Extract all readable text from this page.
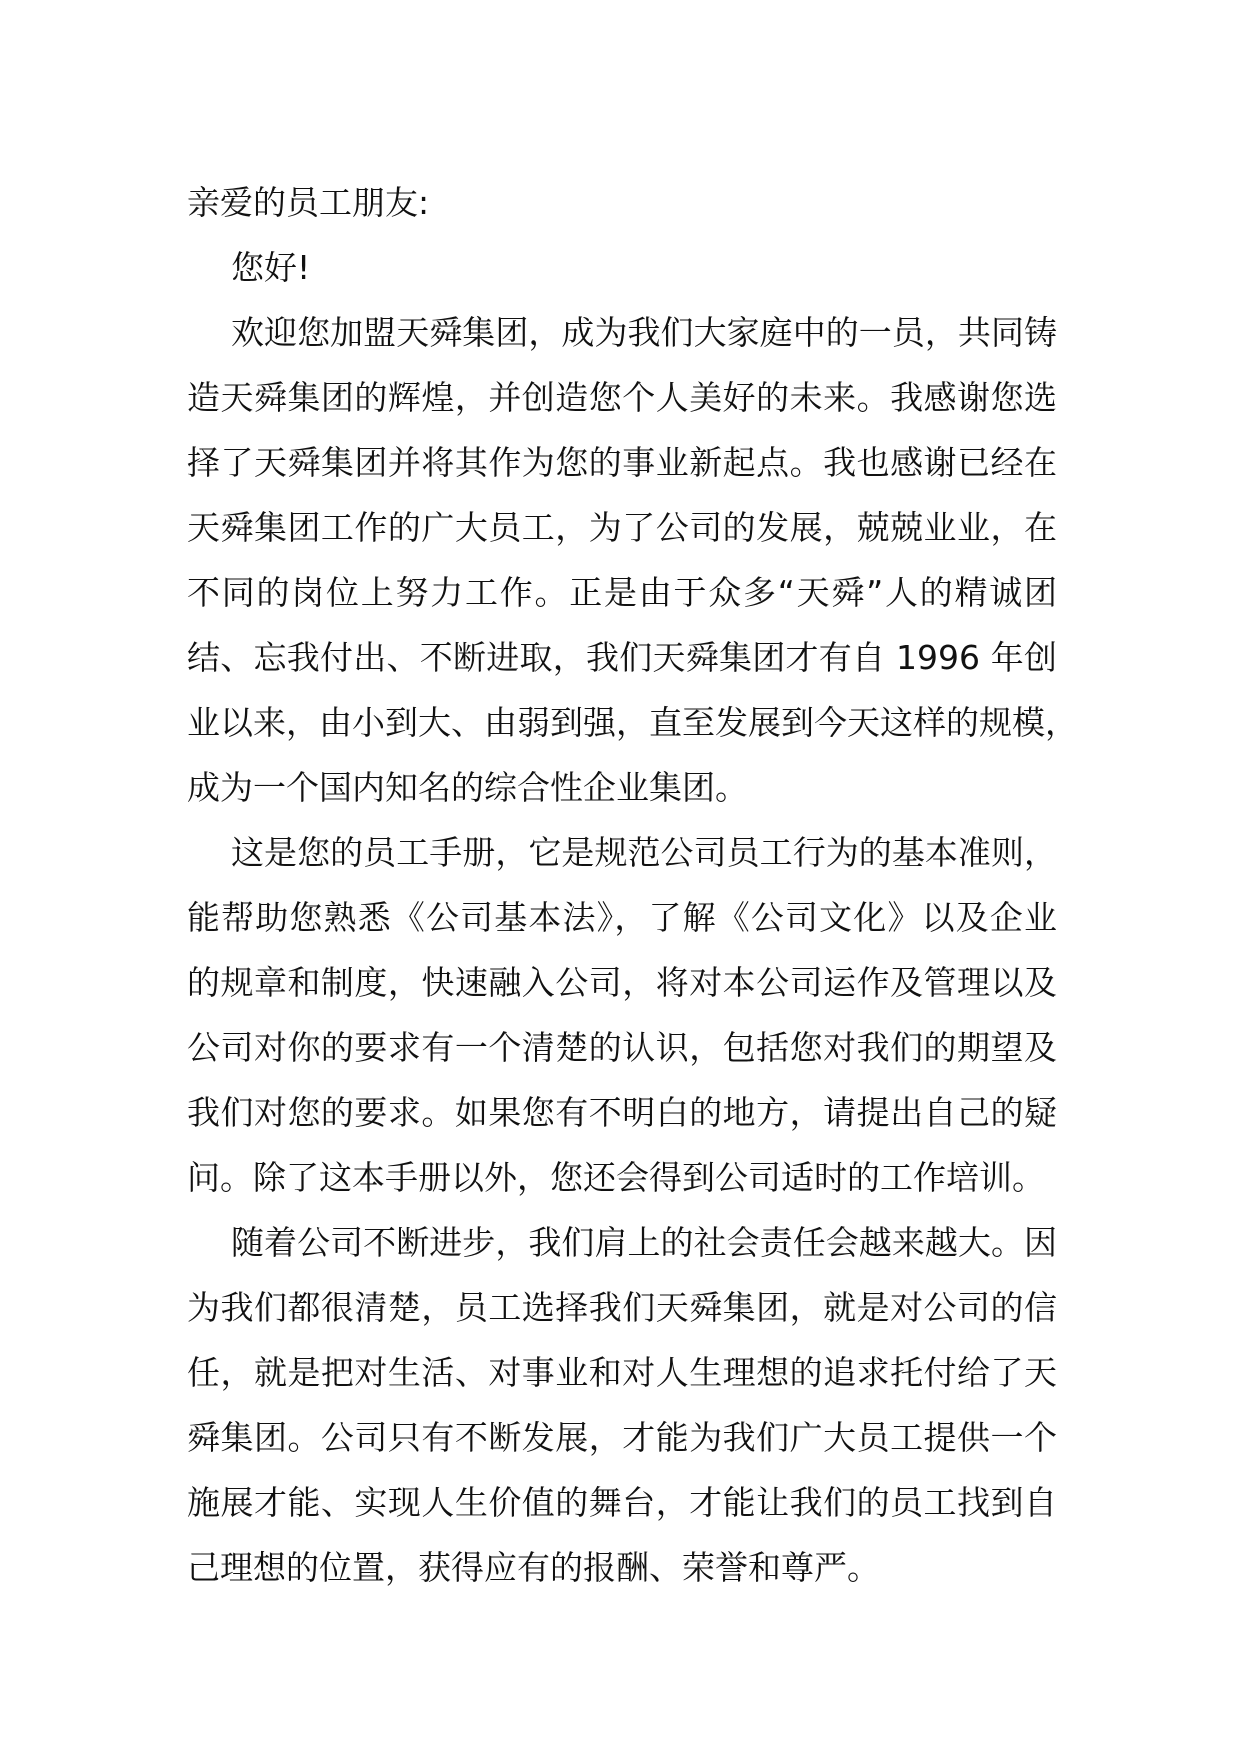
亲爱的员工朋友:
您好!
欢迎您加盟天舜集团，成为我们大家庭中的一员，共同铸
造天舜集团的辉煌，并创造您个人美好的未来。我感谢您选
择了天舜集团并将其作为您的事业新起点。我也感谢已经在
天舜集团工作的广大员工，为了公司的发展，兢兢业业，在
不同的岗位上努力工作。正是由于众多“天舜”人的精诚团
结、忘我付出、不断进取，我们天舜集团才有自 1996 年创
业以来，由小到大、由弱到强，直至发展到今天这样的规模，
成为一个国内知名的综合性企业集团。
这是您的员工手册，它是规范公司员工行为的基本准则，
能帮助您熟悉《公司基本法》，了解《公司文化》以及企业
的规章和制度，快速融入公司，将对本公司运作及管理以及
公司对你的要求有一个清楚的认识，包括您对我们的期望及
我们对您的要求。如果您有不明白的地方，请提出自己的疑
问。除了这本手册以外，您还会得到公司适时的工作培训。
随着公司不断进步，我们肩上的社会责任会越来越大。因
为我们都很清楚，员工选择我们天舜集团，就是对公司的信
任，就是把对生活、对事业和对人生理想的追求托付给了天
舜集团。公司只有不断发展，才能为我们广大员工提供一个
施展才能、实现人生价值的舞台，才能让我们的员工找到自
己理想的位置，获得应有的报酬、荣誉和尊严。
